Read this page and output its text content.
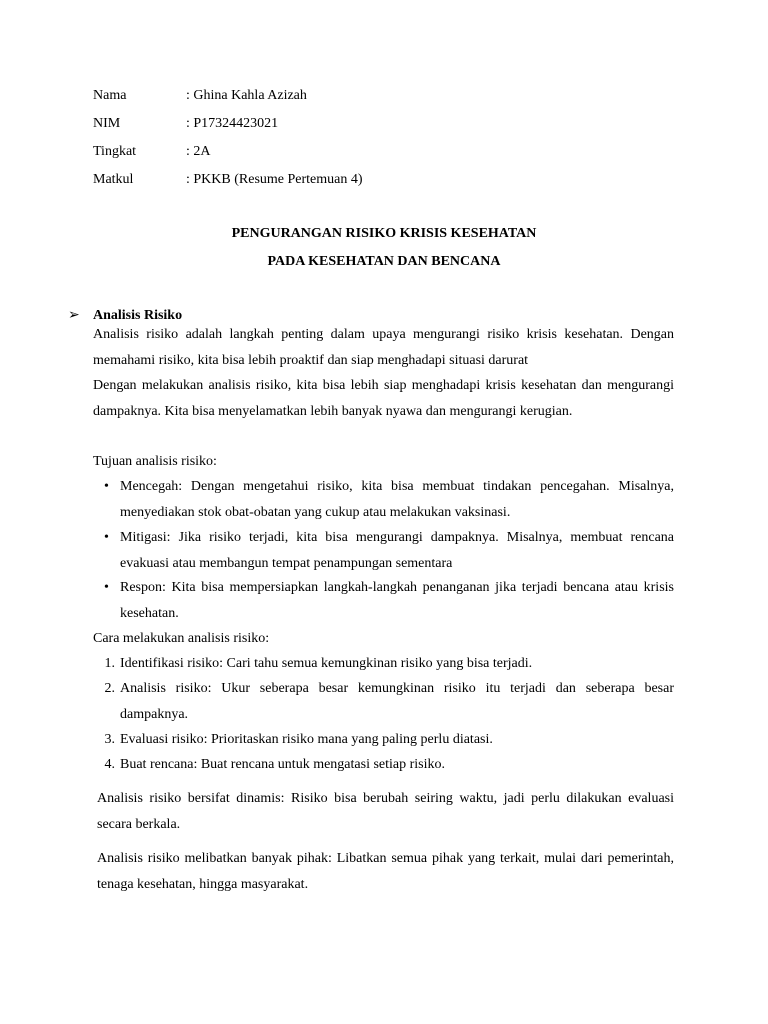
Nama	: Ghina Kahla Azizah
NIM	: P17324423021
Tingkat	: 2A
Matkul	: PKKB (Resume Pertemuan 4)
PENGURANGAN RISIKO KRISIS KESEHATAN
PADA KESEHATAN DAN BENCANA
➢ Analisis Risiko

Analisis risiko adalah langkah penting dalam upaya mengurangi risiko krisis kesehatan. Dengan memahami risiko, kita bisa lebih proaktif dan siap menghadapi situasi darurat

Dengan melakukan analisis risiko, kita bisa lebih siap menghadapi krisis kesehatan dan mengurangi dampaknya. Kita bisa menyelamatkan lebih banyak nyawa dan mengurangi kerugian.

Tujuan analisis risiko:

• Mencegah: Dengan mengetahui risiko, kita bisa membuat tindakan pencegahan. Misalnya, menyediakan stok obat-obatan yang cukup atau melakukan vaksinasi.
• Mitigasi: Jika risiko terjadi, kita bisa mengurangi dampaknya. Misalnya, membuat rencana evakuasi atau membangun tempat penampungan sementara
• Respon: Kita bisa mempersiapkan langkah-langkah penanganan jika terjadi bencana atau krisis kesehatan.

Cara melakukan analisis risiko:

1. Identifikasi risiko: Cari tahu semua kemungkinan risiko yang bisa terjadi.
2. Analisis risiko: Ukur seberapa besar kemungkinan risiko itu terjadi dan seberapa besar dampaknya.
3. Evaluasi risiko: Prioritaskan risiko mana yang paling perlu diatasi.
4. Buat rencana: Buat rencana untuk mengatasi setiap risiko.

Analisis risiko bersifat dinamis: Risiko bisa berubah seiring waktu, jadi perlu dilakukan evaluasi secara berkala.

Analisis risiko melibatkan banyak pihak: Libatkan semua pihak yang terkait, mulai dari pemerintah, tenaga kesehatan, hingga masyarakat.
